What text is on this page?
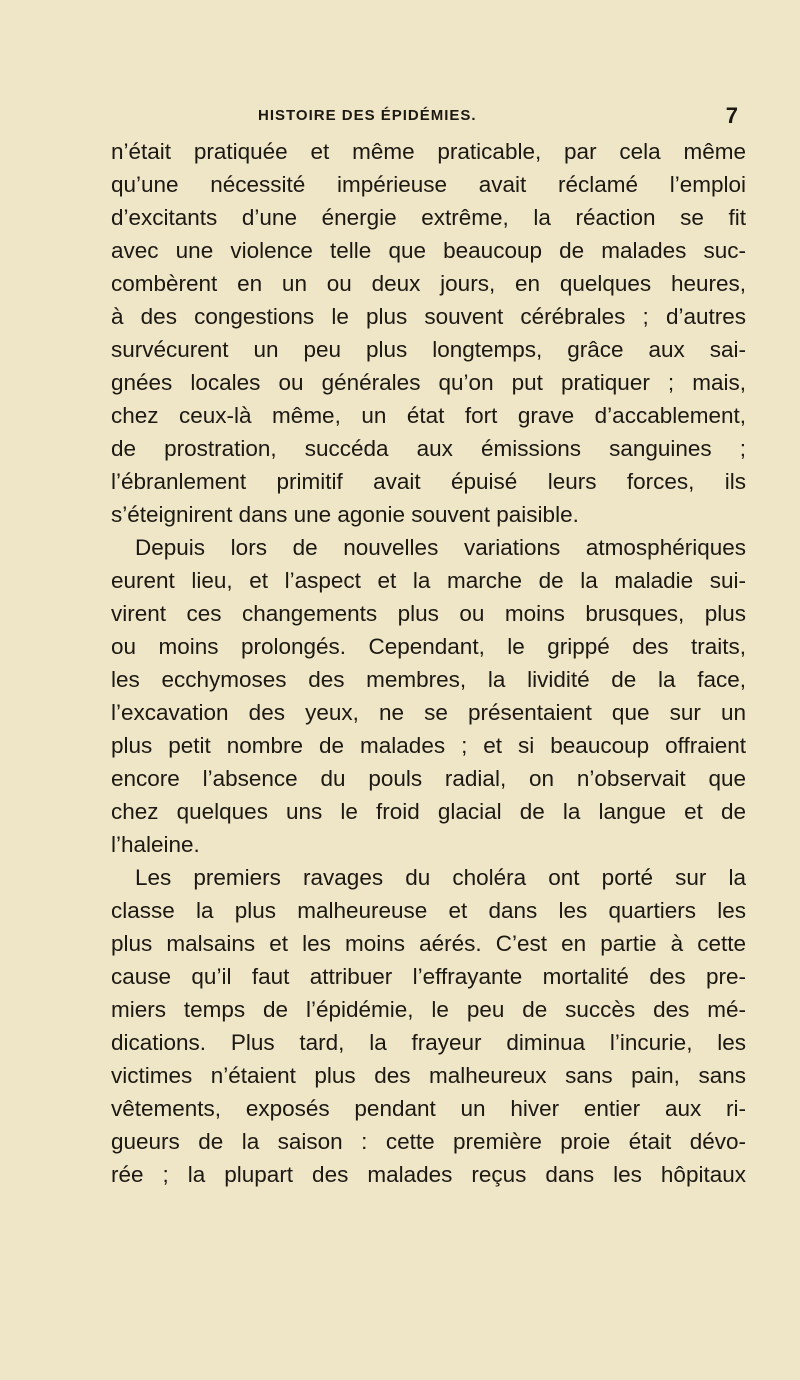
HISTOIRE DES ÉPIDÉMIES.	7
n’était pratiquée et même praticable, par cela même
qu’une nécessité impérieuse avait réclamé l’emploi
d’excitants d’une énergie extrême, la réaction se fit
avec une violence telle que beaucoup de malades suc-
combèrent en un ou deux jours, en quelques heures,
à des congestions le plus souvent cérébrales ; d’autres
survécurent un peu plus longtemps, grâce aux sai-
gnées locales ou générales qu’on put pratiquer ; mais,
chez ceux-là même, un état fort grave d’accablement,
de prostration, succéda aux émissions sanguines ;
l’ébranlement primitif avait épuisé leurs forces, ils
s’éteignirent dans une agonie souvent paisible.
Depuis lors de nouvelles variations atmosphériques
eurent lieu, et l’aspect et la marche de la maladie sui-
virent ces changements plus ou moins brusques, plus
ou moins prolongés. Cependant, le grippé des traits,
les ecchymoses des membres, la lividité de la face,
l’excavation des yeux, ne se présentaient que sur un
plus petit nombre de malades ; et si beaucoup offraient
encore l’absence du pouls radial, on n’observait que
chez quelques uns le froid glacial de la langue et de
l’haleine.
Les premiers ravages du choléra ont porté sur la
classe la plus malheureuse et dans les quartiers les
plus malsains et les moins aérés. C’est en partie à cette
cause qu’il faut attribuer l’effrayante mortalité des pre-
miers temps de l’épidémie, le peu de succès des mé-
dications. Plus tard, la frayeur diminua l’incurie, les
victimes n’étaient plus des malheureux sans pain, sans
vêtements, exposés pendant un hiver entier aux ri-
gueurs de la saison : cette première proie était dévo-
rée ; la plupart des malades reçus dans les hôpitaux
